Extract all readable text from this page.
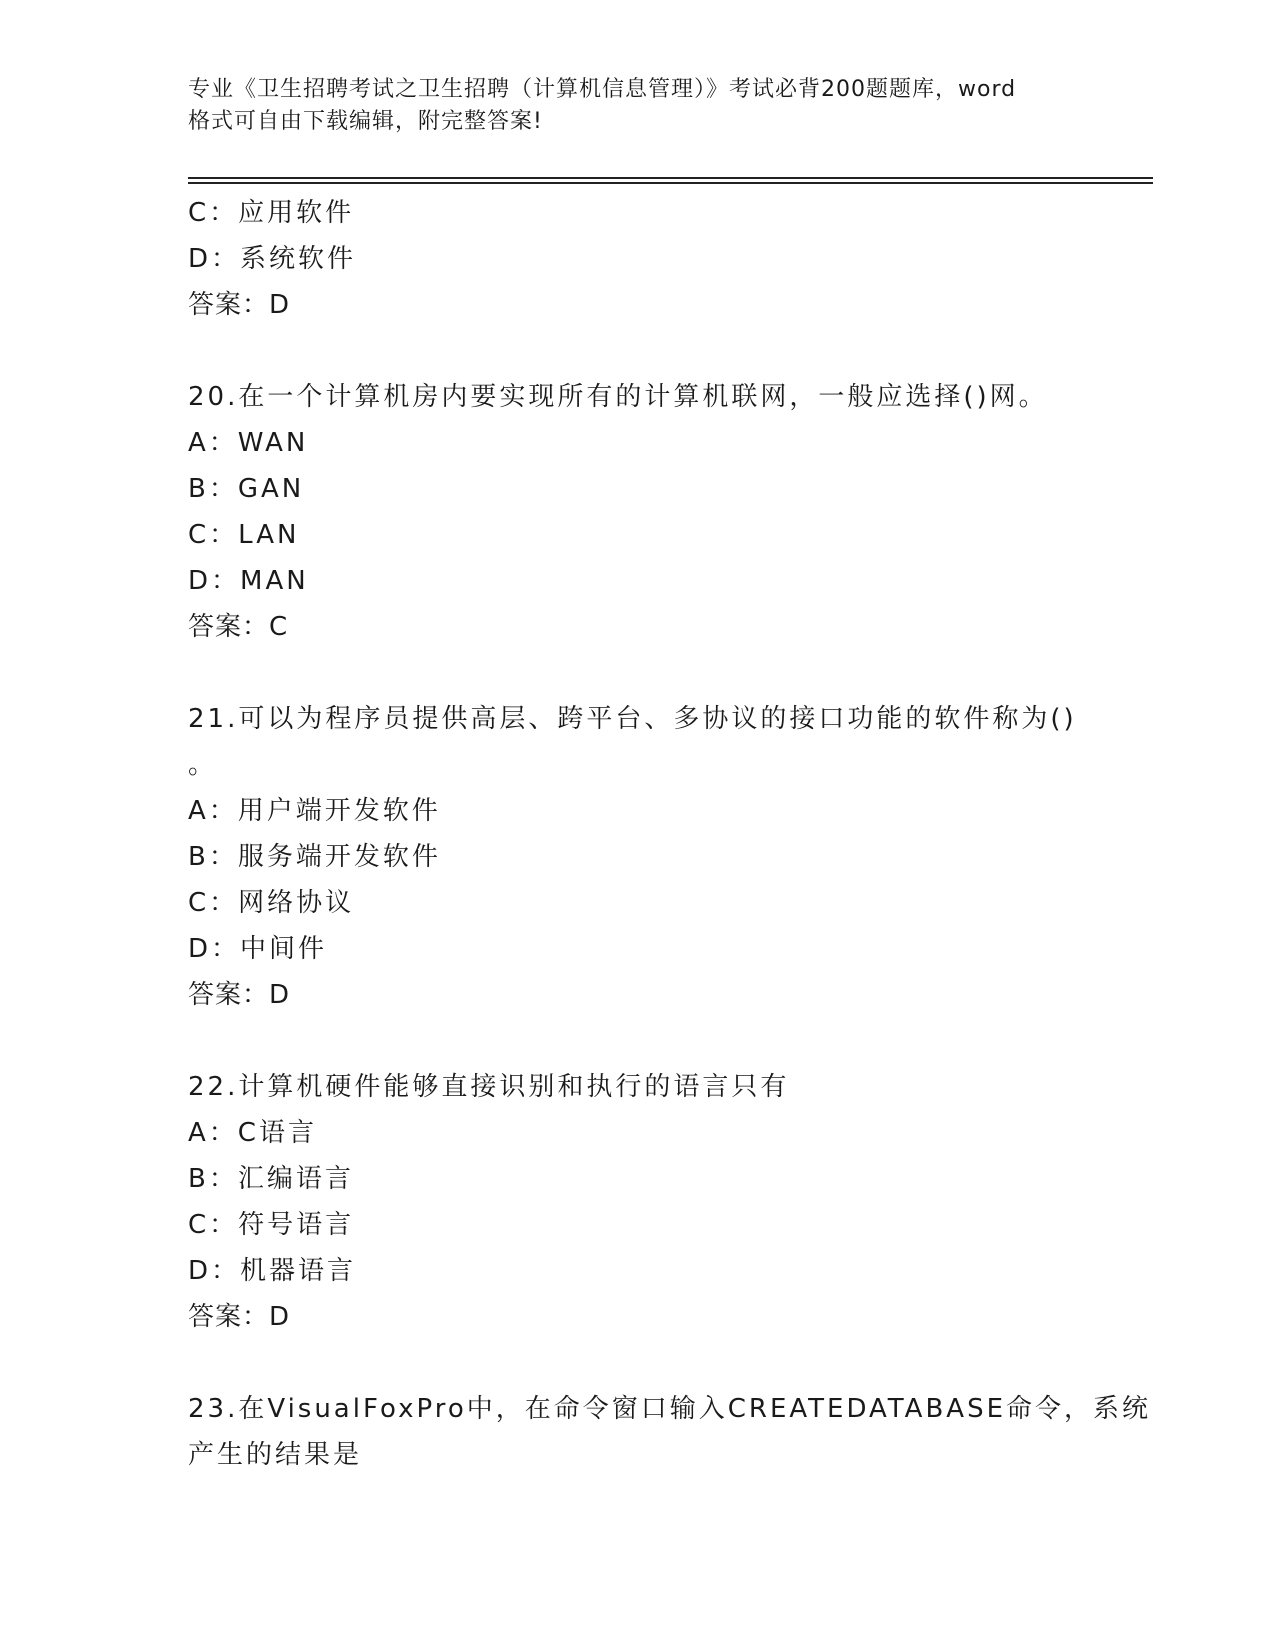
专业《卫生招聘考试之卫生招聘（计算机信息管理）》考试必背200题题库，word
格式可自由下载编辑，附完整答案!
C：应用软件
D：系统软件
答案：D
20.在一个计算机房内要实现所有的计算机联网，一般应选择()网。
A：WAN
B：GAN
C：LAN
D：MAN
答案：C
21.可以为程序员提供高层、跨平台、多协议的接口功能的软件称为()
。
A：用户端开发软件
B：服务端开发软件
C：网络协议
D：中间件
答案：D
22.计算机硬件能够直接识别和执行的语言只有
A：C语言
B：汇编语言
C：符号语言
D：机器语言
答案：D
23.在VisualFoxPro中，在命令窗口输入CREATEDATABASE命令，系统
产生的结果是
